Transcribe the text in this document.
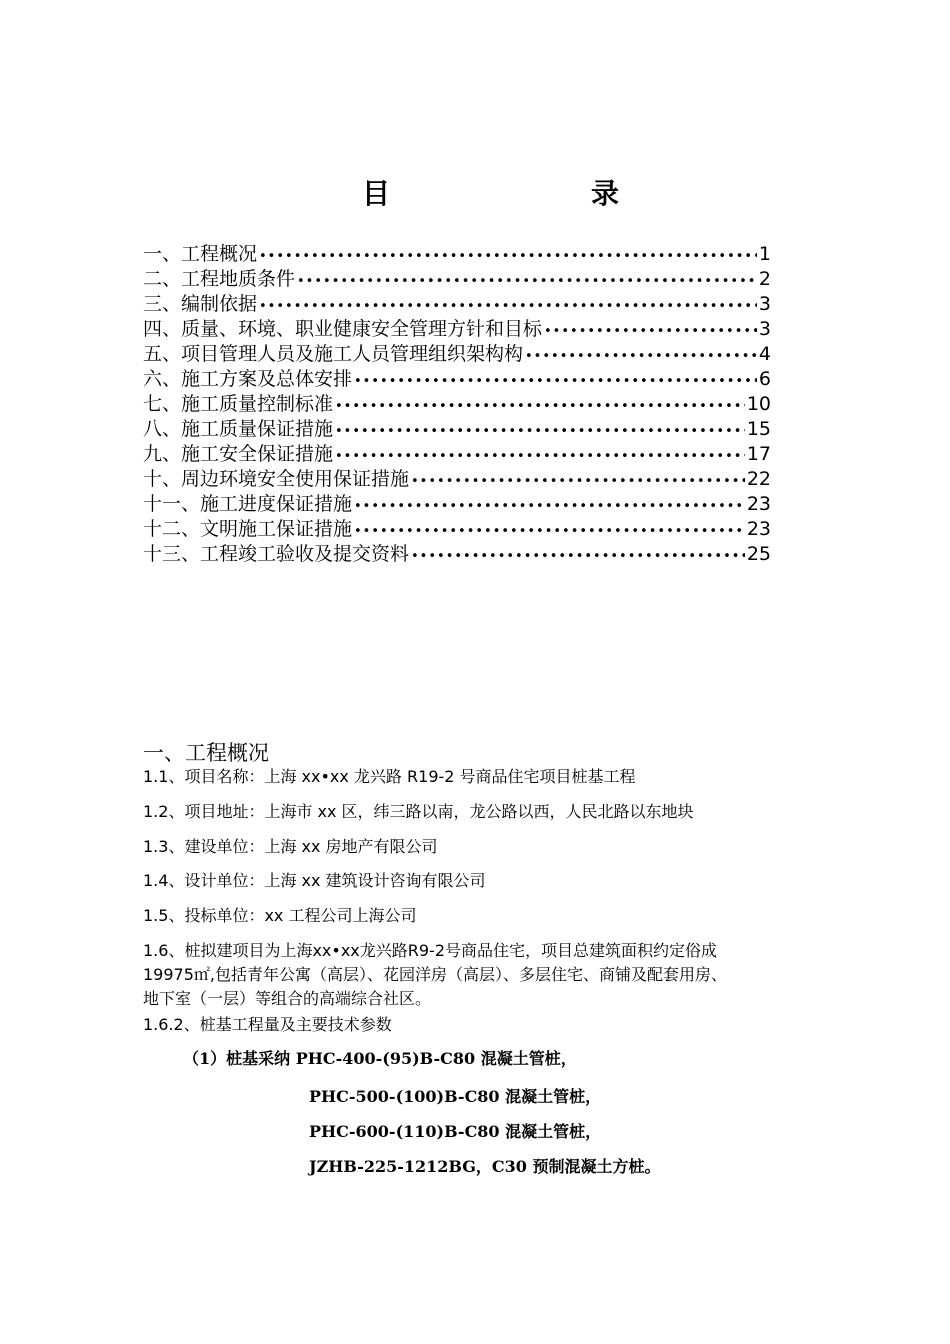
目	录
一、工程概况 •••••	1
二、工程地质条件 •••••	2
三、编制依据 •••••	3
四、质量、环境、职业健康安全管理方针和目标 •••••	3
五、项目管理人员及施工人员管理组织架构构 •••••	4
六、施工方案及总体安排 •••••	6
七、施工质量控制标准 •••••	10
八、施工质量保证措施 •••••	15
九、施工安全保证措施 •••••	17
十、周边环境安全使用保证措施 •••••	22
十一、施工进度保证措施 •••••	23
十二、文明施工保证措施 •••••	23
十三、工程竣工验收及提交资料 •••••	25
一、工程概况

1.1、项目名称：上海 xx•xx 龙兴路 R19-2 号商品住宅项目桩基工程

1.2、项目地址：上海市 xx 区，纬三路以南，龙公路以西，人民北路以东地块

1.3、建设单位：上海 xx 房地产有限公司

1.4、设计单位：上海 xx 建筑设计咨询有限公司

1.5、投标单位：xx 工程公司上海公司

1.6、桩拟建项目为上海xx•xx龙兴路R9-2号商品住宅，项目总建筑面积约定俗成
19975㎡,包括青年公寓（高层）、花园洋房（高层）、多层住宅、商铺及配套用房、
地下室（一层）等组合的高端综合社区。

1.6.2、桩基工程量及主要技术参数

（1）桩基采纳 PHC-400-(95)B-C80 混凝土管桩，

PHC-500-(100)B-C80 混凝土管桩，

PHC-600-(110)B-C80 混凝土管桩，

JZHB-225-1212BG，C30 预制混凝土方桩。
